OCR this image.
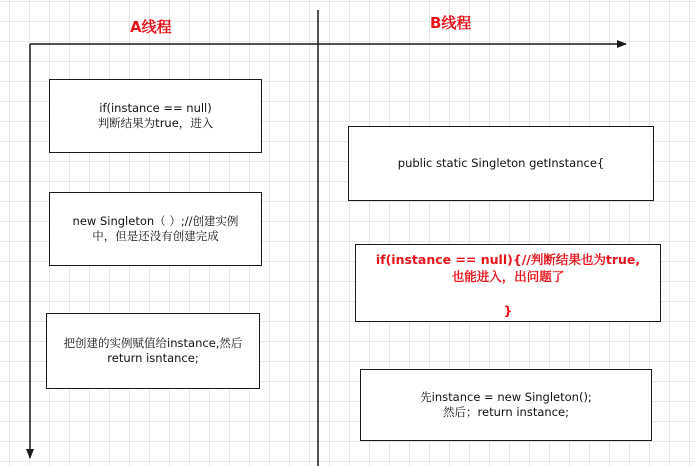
A线程	B线程
if(instance == null)
判断结果为true，进入
new Singleton（ ）;//创建实例
中，但是还没有创建完成
把创建的实例赋值给instance,然后
return isntance;
public static Singleton getInstance{
if(instance == null){//判断结果也为true,
也能进入，出问题了
}
先instance = new Singleton();
然后；return instance;
